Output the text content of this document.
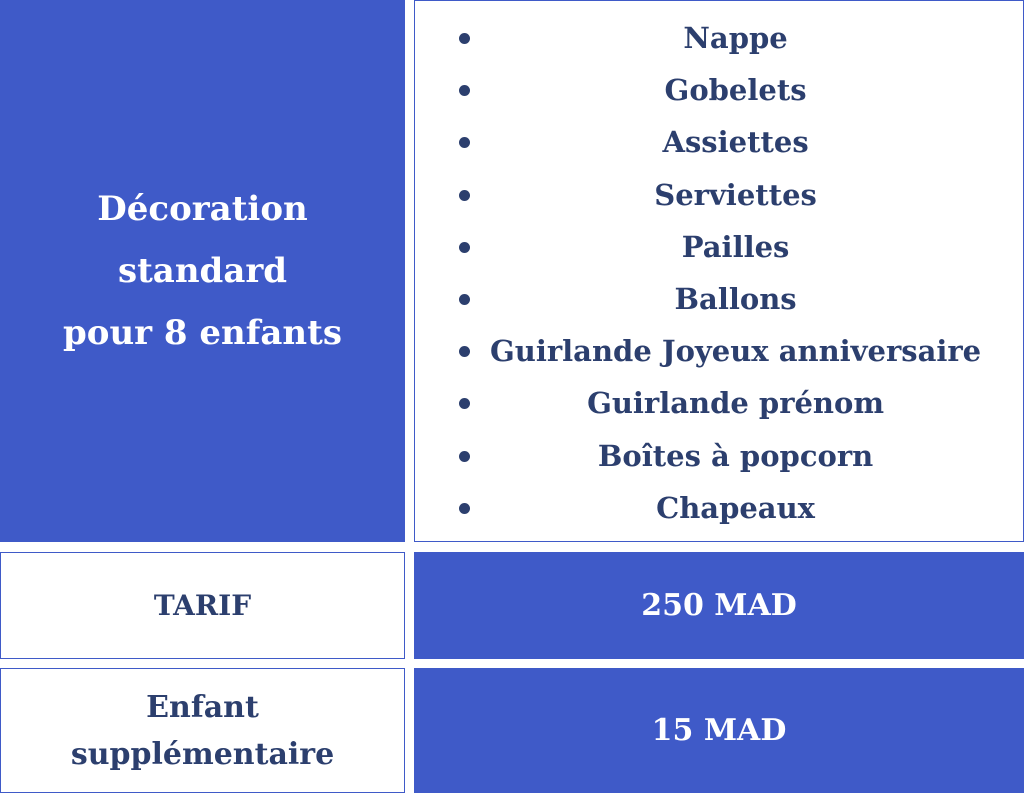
Décoration
standard
pour 8 enfants
Nappe
Gobelets
Assiettes
Serviettes
Pailles
Ballons
Guirlande Joyeux anniversaire
Guirlande prénom
Boîtes à popcorn
Chapeaux
TARIF	250 MAD
Enfant
supplémentaire
15 MAD
